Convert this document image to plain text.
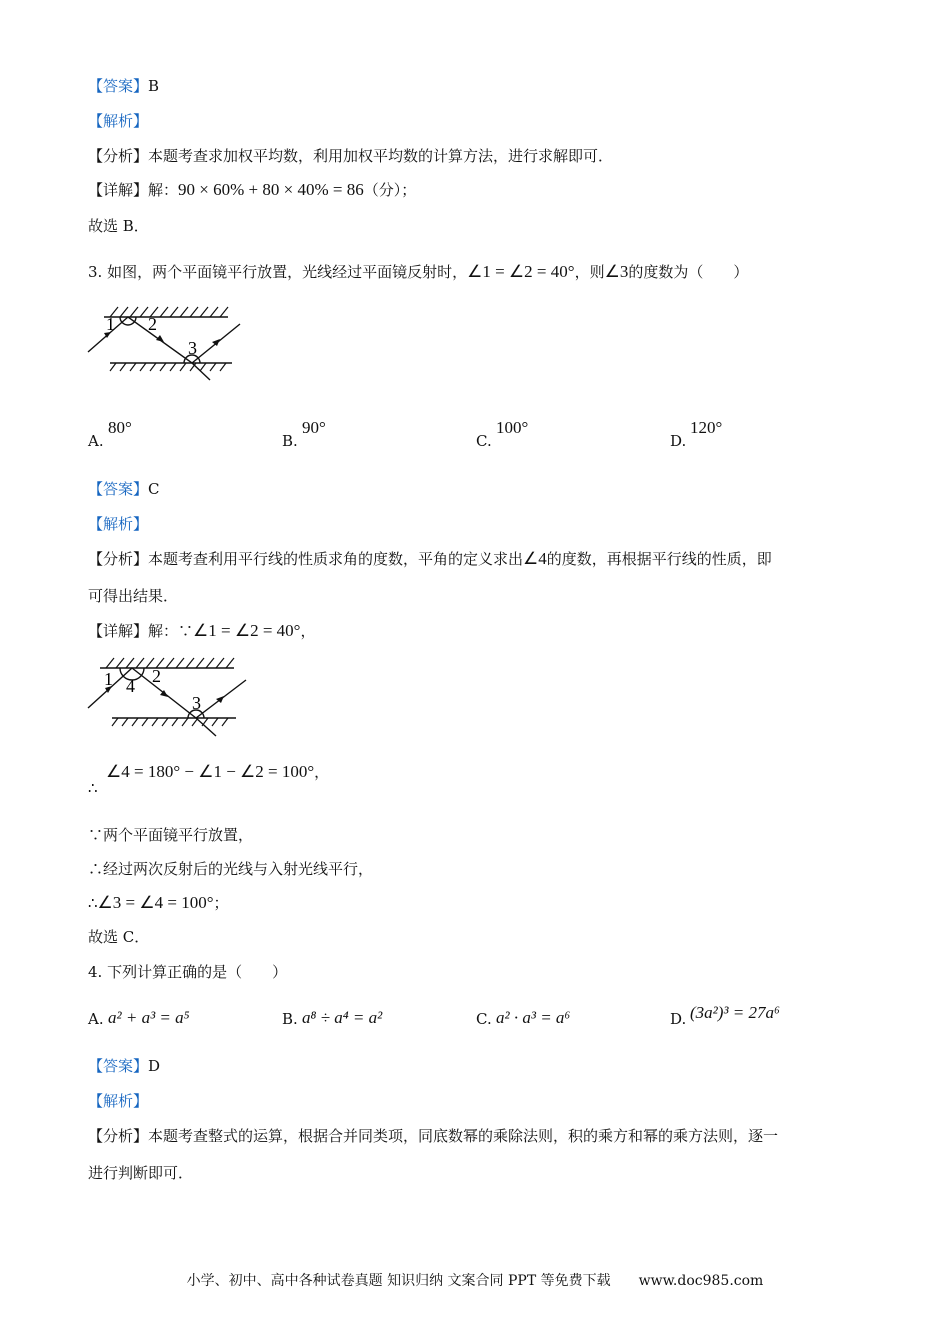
【答案】B
【解析】
【分析】本题考查求加权平均数，利用加权平均数的计算方法，进行求解即可．
【详解】解：90 × 60% + 80 × 40% = 86（分）；
故选 B．
3. 如图，两个平面镜平行放置，光线经过平面镜反射时，∠1 = ∠2 = 40°，则∠3的度数为（　　）
1 2
3
A.
80°
B.
90°
C.
100°
D.
120°
【答案】C
【解析】
【分析】本题考查利用平行线的性质求角的度数，平角的定义求出∠4的度数，再根据平行线的性质，即
可得出结果．
【详解】解：∵∠1 = ∠2 = 40°，
1 4 2
3
∴
∠4 = 180° − ∠1 − ∠2 = 100°，
∵两个平面镜平行放置，
∴经过两次反射后的光线与入射光线平行，
∴∠3 = ∠4 = 100°；
故选 C．
4. 下列计算正确的是（　　）
A. a² + a³ = a⁵	B. a⁸ ÷ a⁴ = a²	C. a² · a³ = a⁶	D. (3a²)³ = 27a⁶
【答案】D
【解析】
【分析】本题考查整式的运算，根据合并同类项，同底数幂的乘除法则，积的乘方和幂的乘方法则，逐一
进行判断即可．
小学、初中、高中各种试卷真题 知识归纳 文案合同 PPT 等免费下载　　www.doc985.com
